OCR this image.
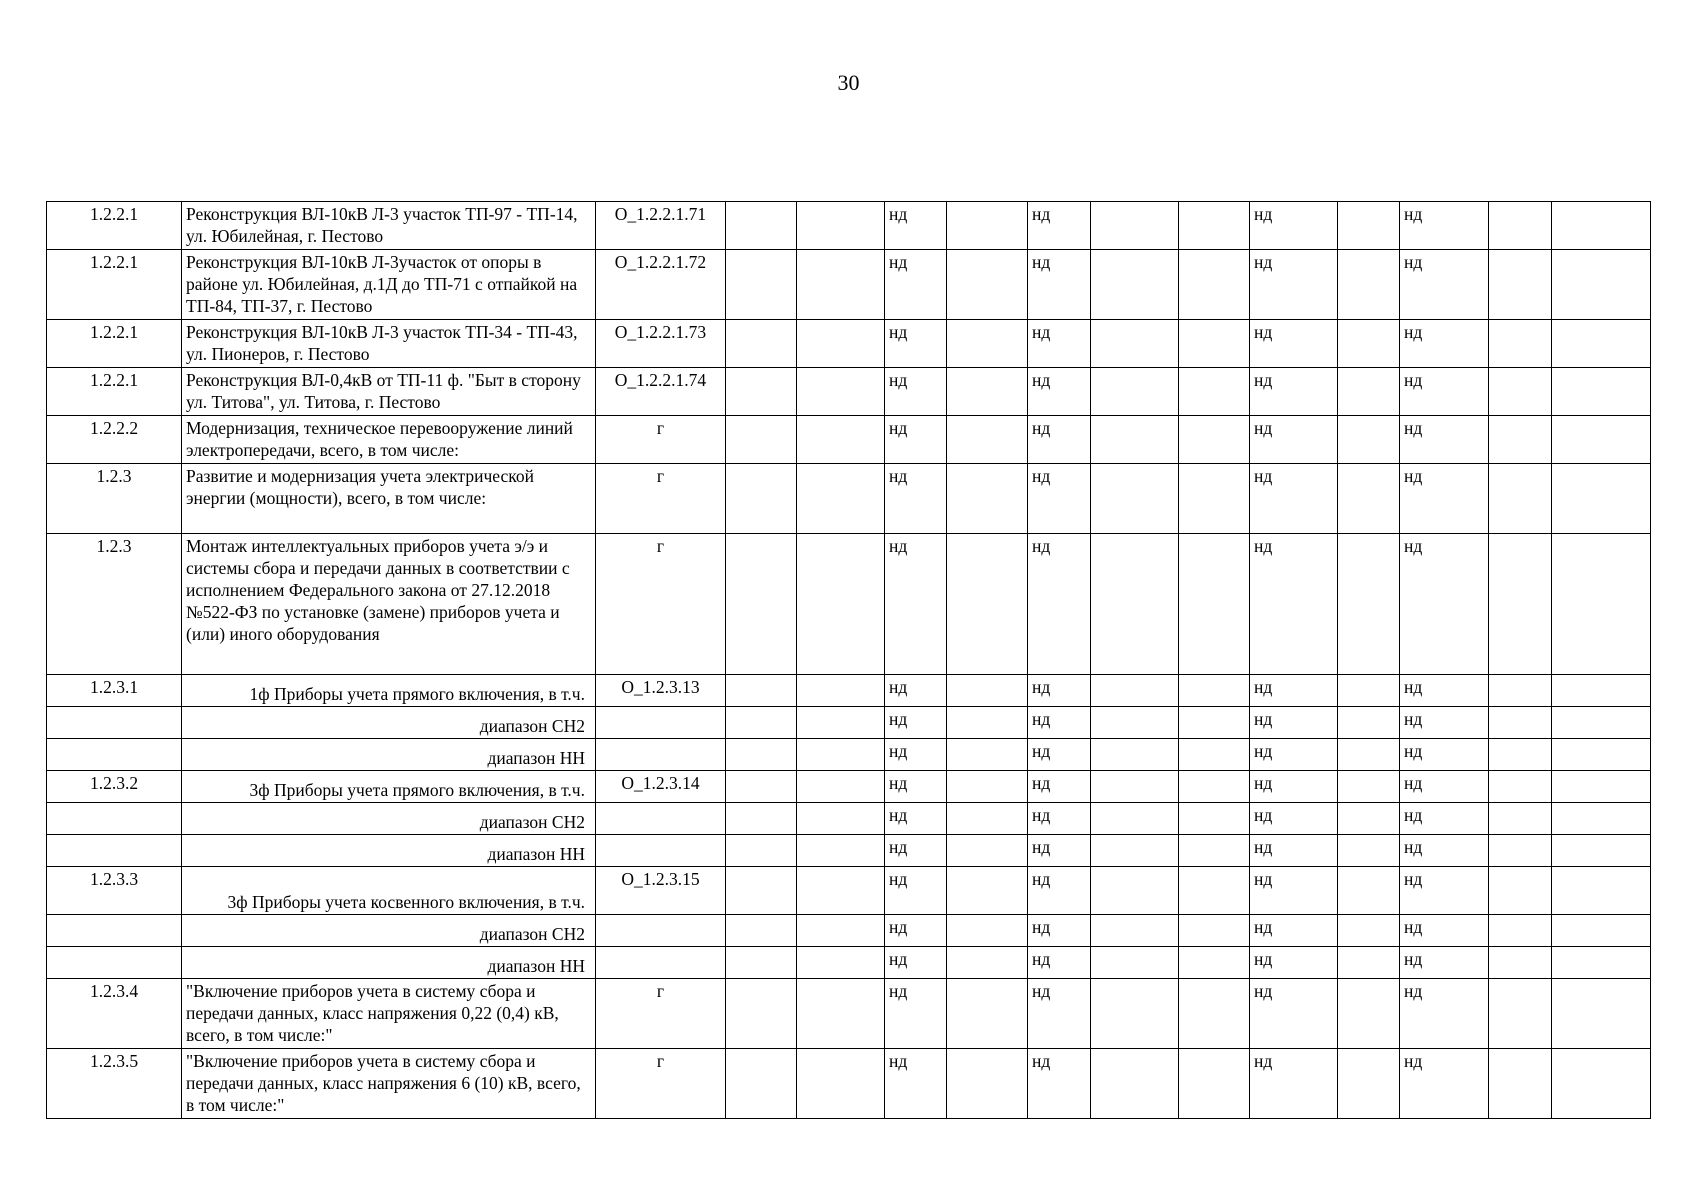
30
1.2.2.1	Реконструкция ВЛ-10кВ Л-3 участок ТП-97 - ТП-14, ул. Юбилейная, г. Пестово	О_1.2.2.1.71			нд		нд			нд		нд		
1.2.2.1	Реконструкция ВЛ-10кВ Л-3участок от опоры в районе ул. Юбилейная, д.1Д до ТП-71 с отпайкой на ТП-84, ТП-37, г. Пестово	О_1.2.2.1.72			нд		нд			нд		нд		
1.2.2.1	Реконструкция ВЛ-10кВ Л-3 участок ТП-34 - ТП-43, ул. Пионеров, г. Пестово	О_1.2.2.1.73			нд		нд			нд		нд		
1.2.2.1	Реконструкция ВЛ-0,4кВ от ТП-11 ф. "Быт в сторону ул. Титова", ул. Титова, г. Пестово	О_1.2.2.1.74			нд		нд			нд		нд		
1.2.2.2	Модернизация, техническое перевооружение линий электропередачи, всего, в том числе:	г			нд		нд			нд		нд		
1.2.3	Развитие и модернизация учета электрической энергии (мощности), всего, в том числе:	г			нд		нд			нд		нд		
1.2.3	Монтаж интеллектуальных приборов учета э/э и системы сбора и передачи данных в соответствии с исполнением Федерального закона от 27.12.2018 №522-ФЗ по установке (замене) приборов учета и (или) иного оборудования	г			нд		нд			нд		нд		
1.2.3.1	1ф Приборы учета прямого включения, в т.ч.	О_1.2.3.13			нд		нд			нд		нд		
	диапазон СН2				нд		нд			нд		нд		
	диапазон НН				нд		нд			нд		нд		
1.2.3.2	3ф Приборы учета прямого включения, в т.ч.	О_1.2.3.14			нд		нд			нд		нд		
	диапазон СН2				нд		нд			нд		нд		
	диапазон НН				нд		нд			нд		нд		
1.2.3.3	3ф Приборы учета косвенного включения, в т.ч.	О_1.2.3.15			нд		нд			нд		нд		
	диапазон СН2				нд		нд			нд		нд		
	диапазон НН				нд		нд			нд		нд		
1.2.3.4	"Включение приборов учета в систему сбора и передачи данных, класс напряжения 0,22 (0,4) кВ, всего, в том числе:"	г			нд		нд			нд		нд		
1.2.3.5	"Включение приборов учета в систему сбора и передачи данных, класс напряжения 6 (10) кВ, всего, в том числе:"	г			нд		нд			нд		нд		
